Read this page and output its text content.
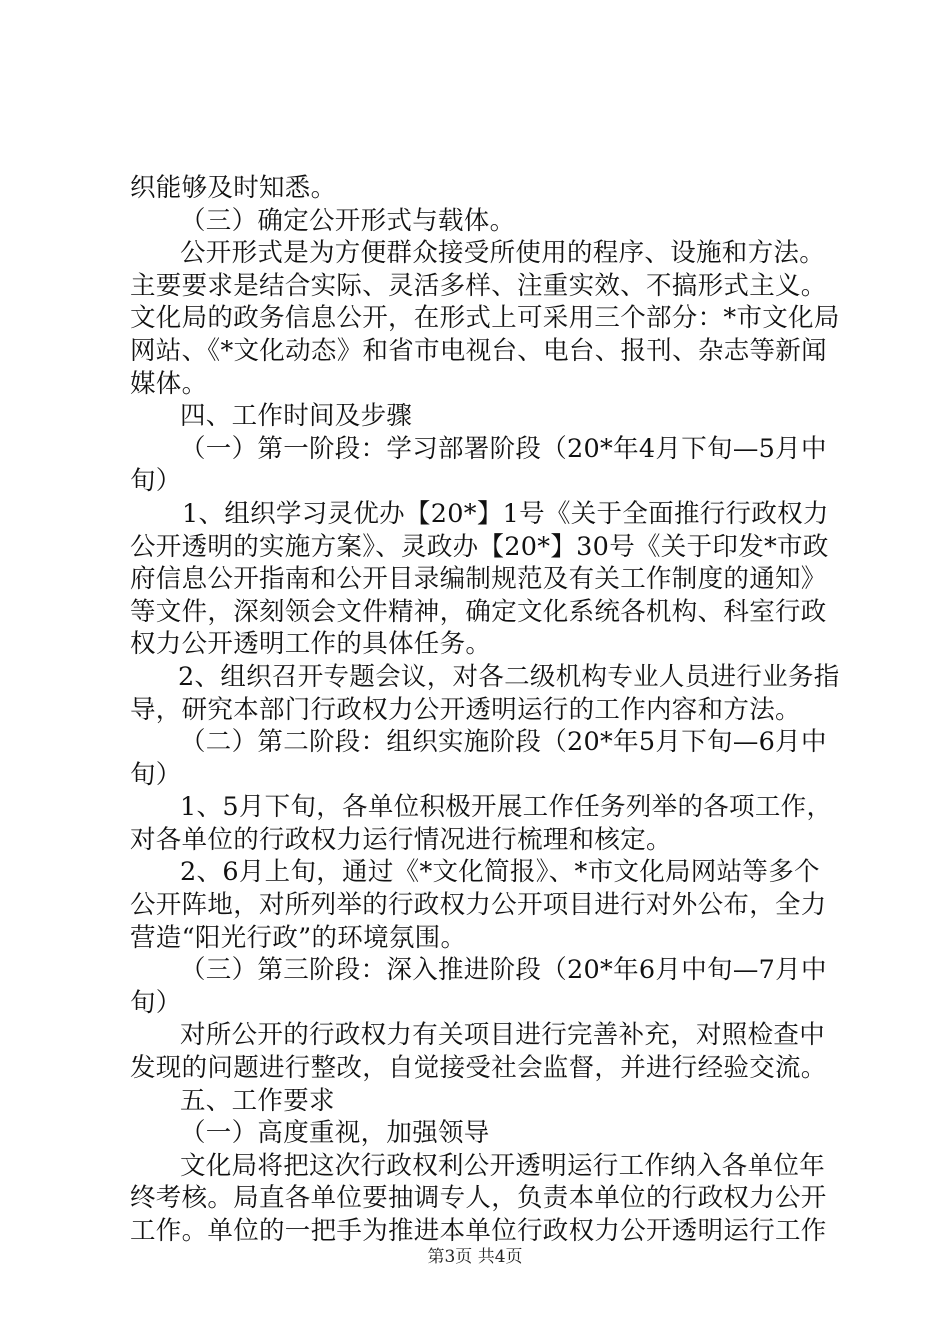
织能够及时知悉。
（三）确定公开形式与载体。
公开形式是为方便群众接受所使用的程序、设施和方法。
主要要求是结合实际、灵活多样、注重实效、不搞形式主义。
文化局的政务信息公开，在形式上可采用三个部分：*市文化局
网站、《*文化动态》和省市电视台、电台、报刊、杂志等新闻
媒体。
四、工作时间及步骤
（一）第一阶段：学习部署阶段（20*年4月下旬—5月中
旬）
1、组织学习灵优办【20*】1号《关于全面推行行政权力
公开透明的实施方案》、灵政办【20*】30号《关于印发*市政
府信息公开指南和公开目录编制规范及有关工作制度的通知》
等文件，深刻领会文件精神，确定文化系统各机构、科室行政
权力公开透明工作的具体任务。
2、组织召开专题会议，对各二级机构专业人员进行业务指
导，研究本部门行政权力公开透明运行的工作内容和方法。
（二）第二阶段：组织实施阶段（20*年5月下旬—6月中
旬）
1、5月下旬，各单位积极开展工作任务列举的各项工作，
对各单位的行政权力运行情况进行梳理和核定。
2、6月上旬，通过《*文化简报》、*市文化局网站等多个
公开阵地，对所列举的行政权力公开项目进行对外公布，全力
营造“阳光行政”的环境氛围。
（三）第三阶段：深入推进阶段（20*年6月中旬—7月中
旬）
对所公开的行政权力有关项目进行完善补充，对照检查中
发现的问题进行整改，自觉接受社会监督，并进行经验交流。
五、工作要求
（一）高度重视，加强领导
文化局将把这次行政权利公开透明运行工作纳入各单位年
终考核。局直各单位要抽调专人，负责本单位的行政权力公开
工作。单位的一把手为推进本单位行政权力公开透明运行工作
第3页 共4页
